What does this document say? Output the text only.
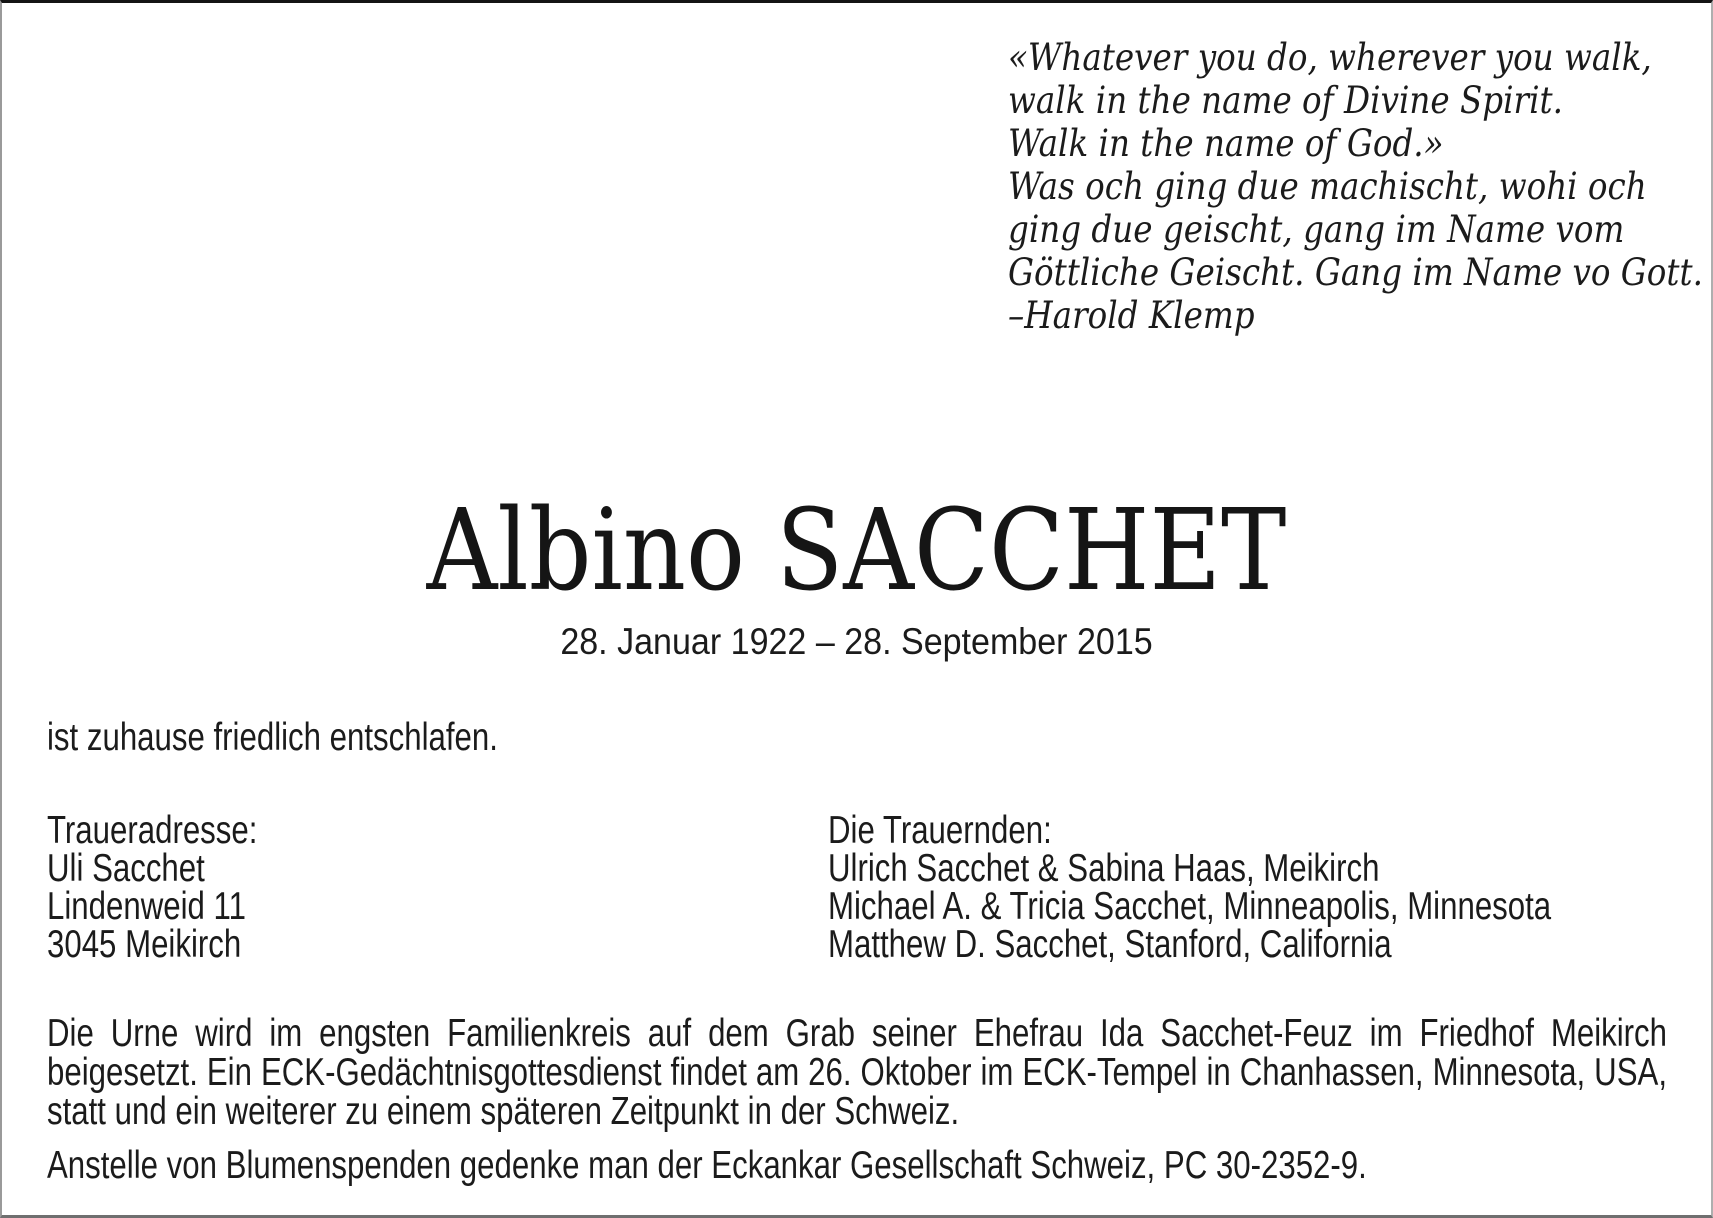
«Whatever you do, wherever you walk,
walk in the name of Divine Spirit.
Walk in the name of God.»
Was och ging due machischt, wohi och
ging due geischt, gang im Name vom
Göttliche Geischt. Gang im Name vo Gott.
–Harold Klemp
Albino SACCHET
28. Januar 1922 – 28. September 2015
ist zuhause friedlich entschlafen.
Traueradresse:
Uli Sacchet
Lindenweid 11
3045 Meikirch
Die Trauernden:
Ulrich Sacchet & Sabina Haas, Meikirch
Michael A. & Tricia Sacchet, Minneapolis, Minnesota
Matthew D. Sacchet, Stanford, California

Die Urne wird im engsten Familienkreis auf dem Grab seiner Ehefrau Ida Sacchet-Feuz im Friedhof Meikirch beigesetzt. Ein ECK-Gedächtnisgottesdienst findet am 26. Oktober im ECK-Tempel in Chanhassen, Minnesota, USA, statt und ein weiterer zu einem späteren Zeitpunkt in der Schweiz.

Anstelle von Blumenspenden gedenke man der Eckankar Gesellschaft Schweiz, PC 30-2352-9.
